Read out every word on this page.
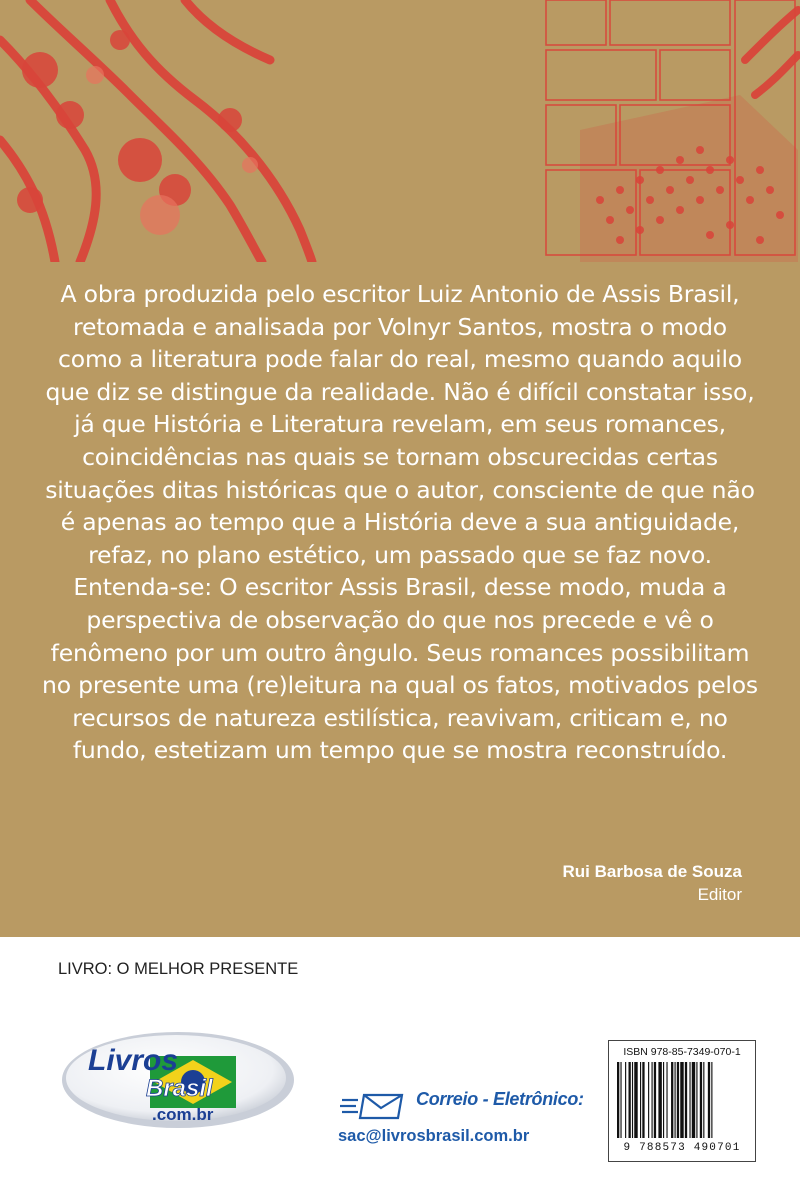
A obra produzida pelo escritor Luiz Antonio de Assis Brasil, retomada e analisada por Volnyr Santos, mostra o modo como a literatura pode falar do real, mesmo quando aquilo que diz se distingue da realidade. Não é difícil constatar isso, já que História e Literatura revelam, em seus romances, coincidências nas quais se tornam obscurecidas certas situações ditas históricas que o autor, consciente de que não é apenas ao tempo que a História deve a sua antiguidade, refaz, no plano estético, um passado que se faz novo. Entenda-se: O escritor Assis Brasil, desse modo, muda a perspectiva de observação do que nos precede e vê o fenômeno por um outro ângulo. Seus romances possibilitam no presente uma (re)leitura na qual os fatos, motivados pelos recursos de natureza estilística, reavivam, criticam e, no fundo, estetizam um tempo que se mostra reconstruído.

Rui Barbosa de Souza
Editor
LIVRO: O MELHOR PRESENTE
Livros
Brasil
.com.br
Correio - Eletrônico:
sac@livrosbrasil.com.br
ISBN 978-85-7349-070-1
9 788573 490701
